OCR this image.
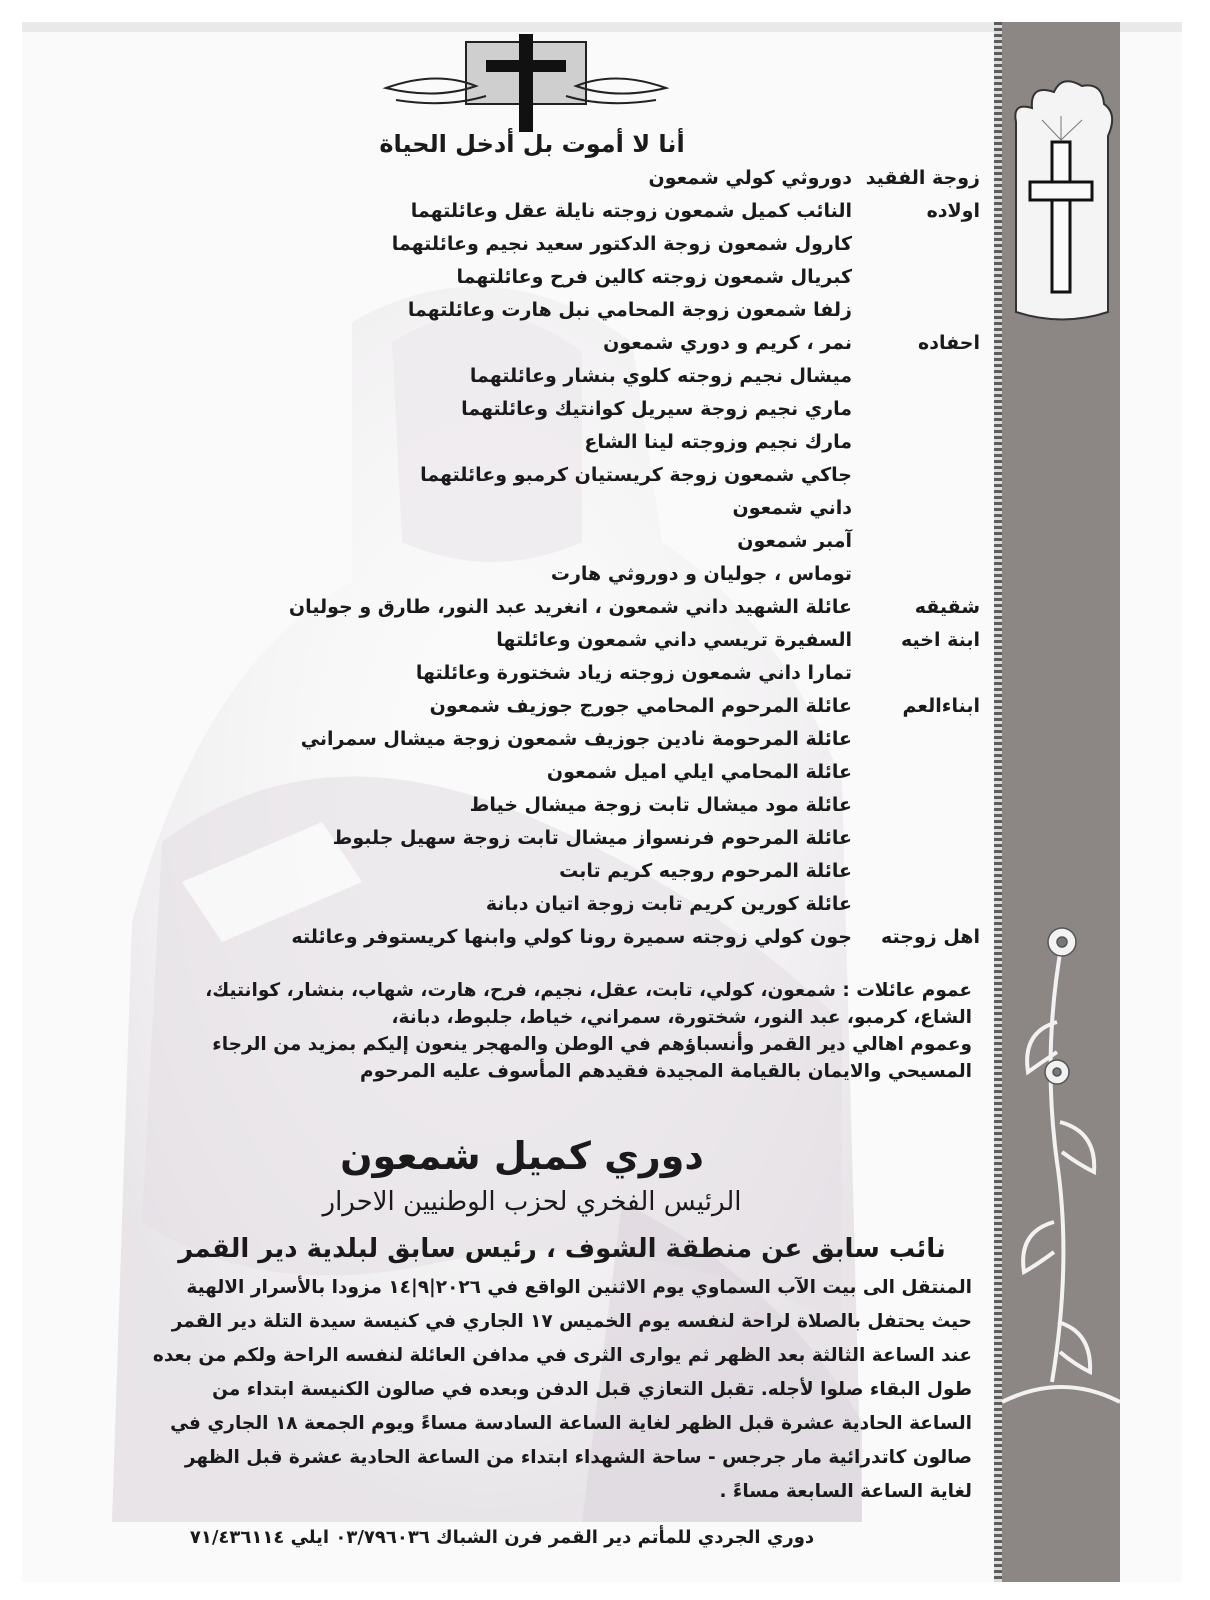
أنا لا أموت بل أدخل الحياة
زوجة الفقيد
دوروثي كولي شمعون
اولاده
النائب كميل شمعون زوجته نايلة عقل وعائلتهما
كارول شمعون زوجة الدكتور سعيد نجيم وعائلتهما
كبريال شمعون زوجته كالين فرح وعائلتهما
زلفا شمعون زوجة المحامي نبل هارت وعائلتهما
احفاده
نمر ، كريم و دوري شمعون
ميشال نجيم زوجته كلوي بنشار وعائلتهما
ماري نجيم زوجة سيريل كوانتيك وعائلتهما
مارك نجيم وزوجته لينا الشاع
جاكي شمعون زوجة كريستيان كرمبو وعائلتهما
داني شمعون
آمبر شمعون
توماس ، جوليان و دوروثي هارت
شقيقه
عائلة الشهيد داني شمعون ، انغريد عبد النور، طارق و جوليان
ابنة اخيه
السفيرة تريسي داني شمعون وعائلتها
تمارا داني شمعون زوجته زياد شختورة وعائلتها
ابناءالعم
عائلة المرحوم المحامي جورج جوزيف شمعون
عائلة المرحومة نادين جوزيف شمعون زوجة ميشال سمراني
عائلة المحامي ايلي اميل شمعون
عائلة مود ميشال تابت زوجة ميشال خياط
عائلة المرحوم فرنسواز ميشال تابت زوجة سهيل جلبوط
عائلة المرحوم روجيه كريم تابت
عائلة كورين كريم تابت زوجة اتيان دبانة
اهل زوجته
جون كولي زوجته سميرة رونا كولي وابنها كريستوفر وعائلته
عموم عائلات : شمعون، كولي، تابت، عقل، نجيم، فرح، هارت، شهاب، بنشار، كوانتيك،
الشاع، كرمبو، عبد النور، شختورة، سمراني، خياط، جلبوط، دبانة،
وعموم اهالي دير القمر وأنسباؤهم في الوطن والمهجر ينعون إليكم بمزيد من الرجاء
المسيحي والايمان بالقيامة المجيدة فقيدهم المأسوف عليه المرحوم
دوري كميل شمعون
الرئيس الفخري لحزب الوطنيين الاحرار
نائب سابق عن منطقة الشوف ، رئيس سابق لبلدية دير القمر
المنتقل الى بيت الآب السماوي يوم الاثنين الواقع في ٢٠٢٦|٩|١٤ مزودا بالأسرار الالهية
حيث يحتفل بالصلاة لراحة لنفسه يوم الخميس ١٧ الجاري في كنيسة سيدة التلة دير القمر
عند الساعة الثالثة بعد الظهر ثم يوارى الثرى في مدافن العائلة لنفسه الراحة ولكم من بعده
طول البقاء صلوا لأجله. تقبل التعازي قبل الدفن وبعده في صالون الكنيسة ابتداء من
الساعة الحادية عشرة قبل الظهر لغاية الساعة السادسة مساءً ويوم الجمعة ١٨ الجاري في
صالون كاتدرائية مار جرجس - ساحة الشهداء ابتداء من الساعة الحادية عشرة قبل الظهر
لغاية الساعة السابعة مساءً .
دوري الجردي للمأتم دير القمر فرن الشباك ٠٣/٧٩٦٠٣٦ ايلي ٧١/٤٣٦١١٤
